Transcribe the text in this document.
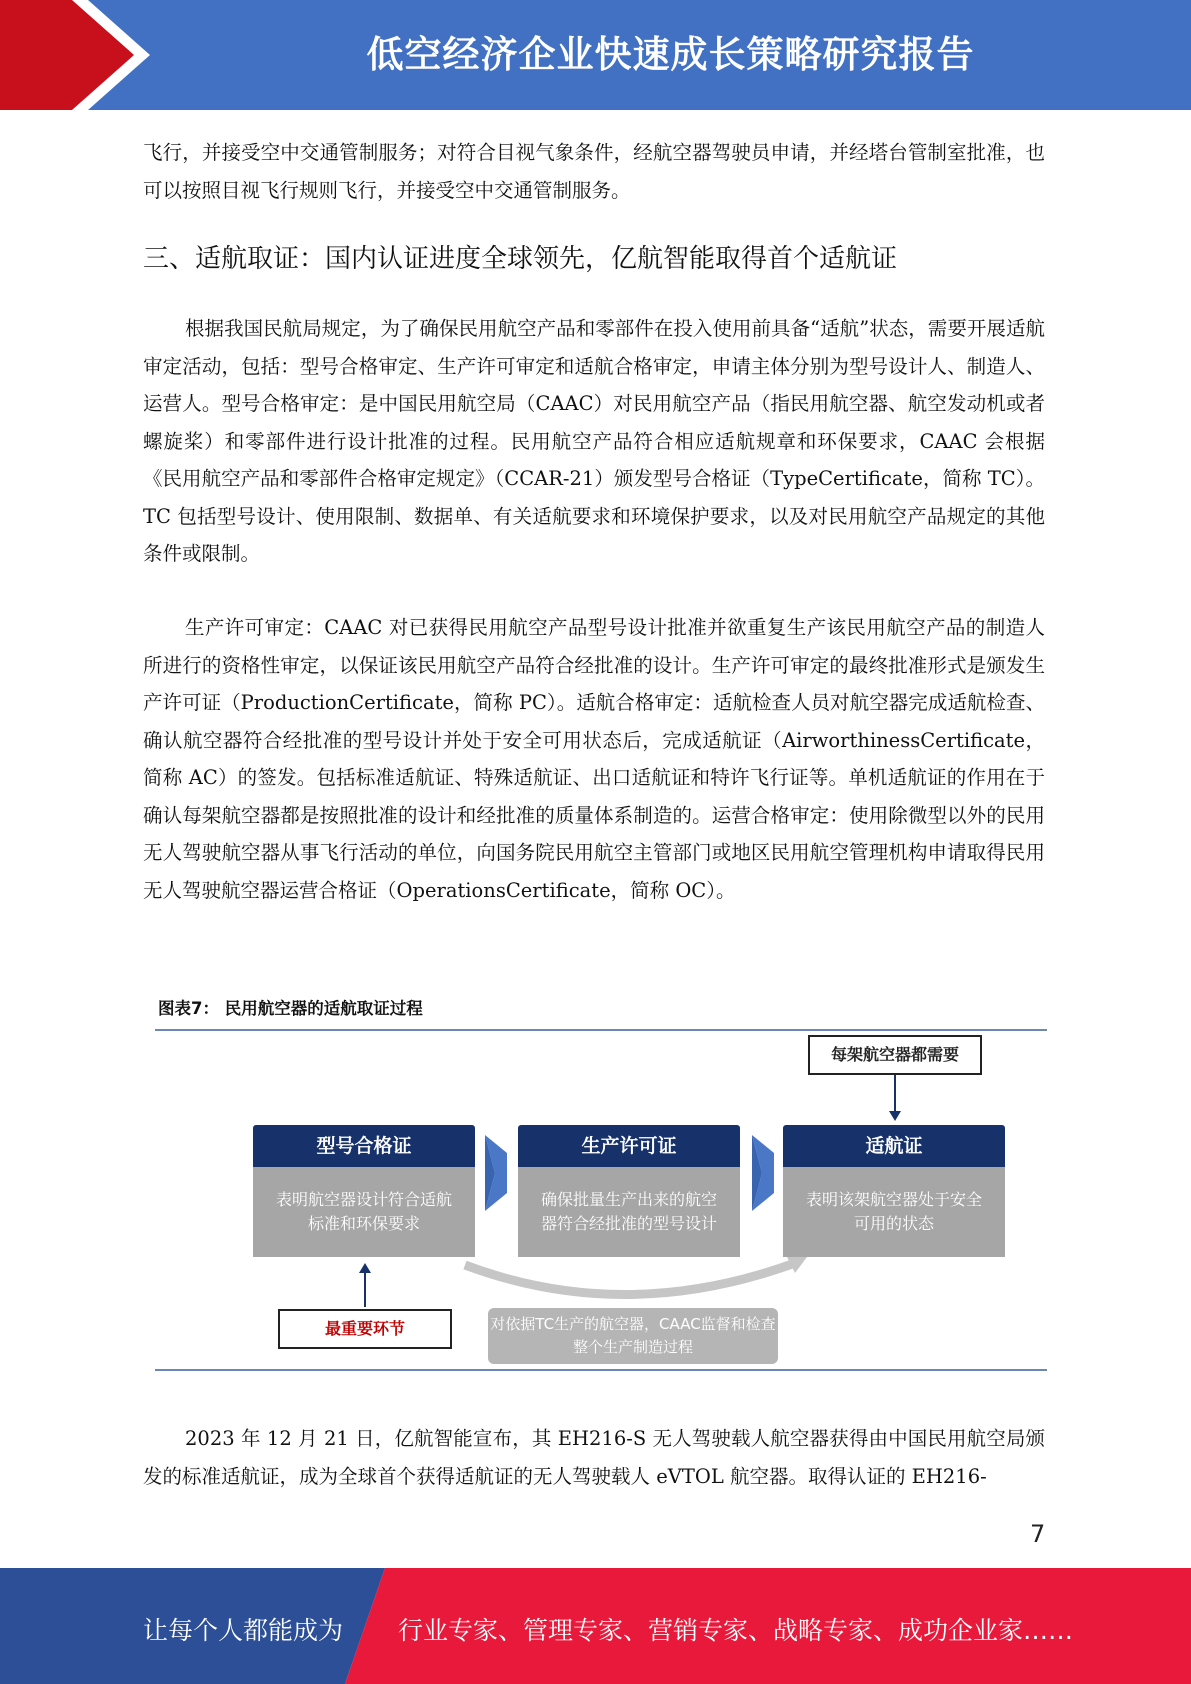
低空经济企业快速成长策略研究报告

飞行，并接受空中交通管制服务；对符合目视气象条件，经航空器驾驶员申请，并经塔台管制室批准，也可以按照目视飞行规则飞行，并接受空中交通管制服务。

三、适航取证：国内认证进度全球领先，亿航智能取得首个适航证

根据我国民航局规定，为了确保民用航空产品和零部件在投入使用前具备“适航”状态，需要开展适航审定活动，包括：型号合格审定、生产许可审定和适航合格审定，申请主体分别为型号设计人、制造人、运营人。型号合格审定：是中国民用航空局（CAAC）对民用航空产品（指民用航空器、航空发动机或者螺旋桨）和零部件进行设计批准的过程。民用航空产品符合相应适航规章和环保要求，CAAC 会根据《民用航空产品和零部件合格审定规定》（CCAR-21）颁发型号合格证（TypeCertificate，简称 TC）。TC 包括型号设计、使用限制、数据单、有关适航要求和环境保护要求，以及对民用航空产品规定的其他条件或限制。

生产许可审定：CAAC 对已获得民用航空产品型号设计批准并欲重复生产该民用航空产品的制造人所进行的资格性审定，以保证该民用航空产品符合经批准的设计。生产许可审定的最终批准形式是颁发生产许可证（ProductionCertificate，简称 PC）。适航合格审定：适航检查人员对航空器完成适航检查、确认航空器符合经批准的型号设计并处于安全可用状态后，完成适航证（AirworthinessCertificate，简称 AC）的签发。包括标准适航证、特殊适航证、出口适航证和特许飞行证等。单机适航证的作用在于确认每架航空器都是按照批准的设计和经批准的质量体系制造的。运营合格审定：使用除微型以外的民用无人驾驶航空器从事飞行活动的单位，向国务院民用航空主管部门或地区民用航空管理机构申请取得民用无人驾驶航空器运营合格证（OperationsCertificate，简称 OC）。

图表7： 民用航空器的适航取证过程
每架航空器都需要
型号合格证
表明航空器设计符合适航标准和环保要求
生产许可证
确保批量生产出来的航空器符合经批准的型号设计
适航证
表明该架航空器处于安全可用的状态
最重要环节	对依据TC生产的航空器，CAAC监督和检查整个生产制造过程

2023 年 12 月 21 日，亿航智能宣布，其 EH216-S 无人驾驶载人航空器获得由中国民用航空局颁发的标准适航证，成为全球首个获得适航证的无人驾驶载人 eVTOL 航空器。取得认证的 EH216-

7
让每个人都能成为 行业专家、管理专家、营销专家、战略专家、成功企业家……
